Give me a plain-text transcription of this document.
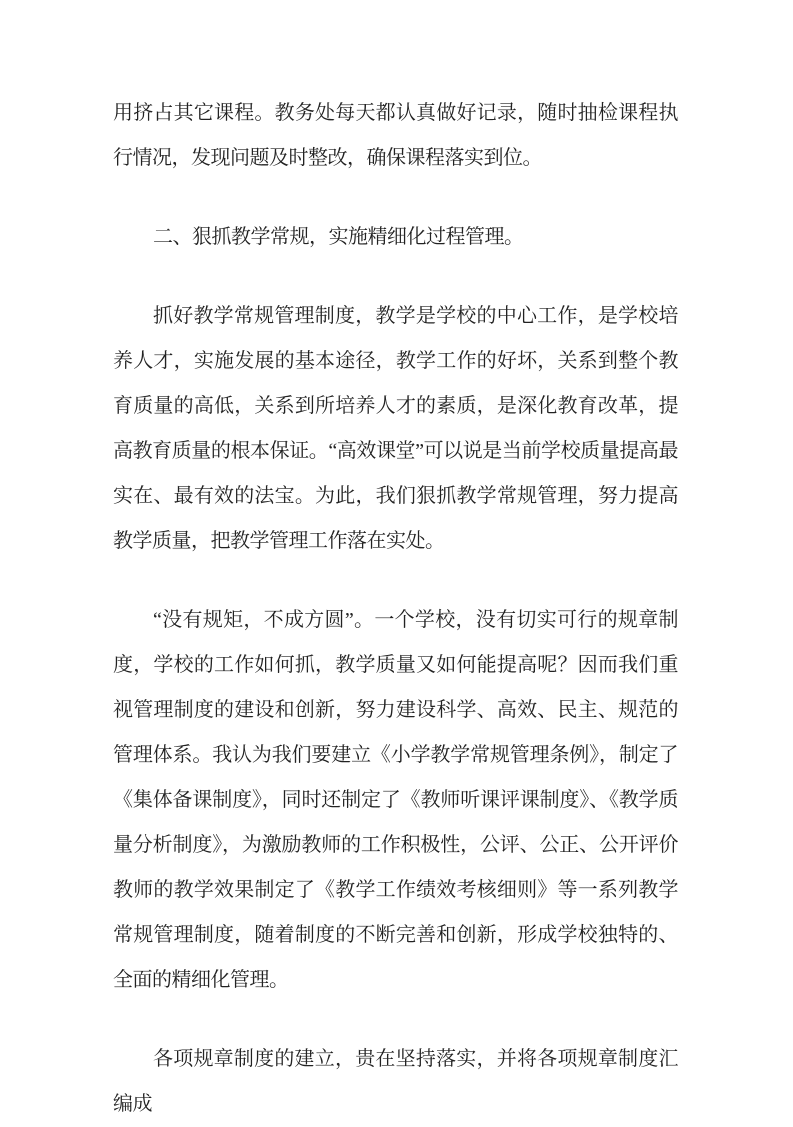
用挤占其它课程。教务处每天都认真做好记录，随时抽检课程执行情况，发现问题及时整改，确保课程落实到位。

二、狠抓教学常规，实施精细化过程管理。

抓好教学常规管理制度，教学是学校的中心工作，是学校培养人才，实施发展的基本途径，教学工作的好坏，关系到整个教育质量的高低，关系到所培养人才的素质，是深化教育改革，提高教育质量的根本保证。“高效课堂”可以说是当前学校质量提高最实在、最有效的法宝。为此，我们狠抓教学常规管理，努力提高教学质量，把教学管理工作落在实处。

“没有规矩，不成方圆”。一个学校，没有切实可行的规章制度，学校的工作如何抓，教学质量又如何能提高呢？因而我们重视管理制度的建设和创新，努力建设科学、高效、民主、规范的管理体系。我认为我们要建立《小学教学常规管理条例》，制定了《集体备课制度》，同时还制定了《教师听课评课制度》、《教学质量分析制度》，为激励教师的工作积极性，公评、公正、公开评价教师的教学效果制定了《教学工作绩效考核细则》等一系列教学常规管理制度，随着制度的不断完善和创新，形成学校独特的、全面的精细化管理。

各项规章制度的建立，贵在坚持落实，并将各项规章制度汇编成
